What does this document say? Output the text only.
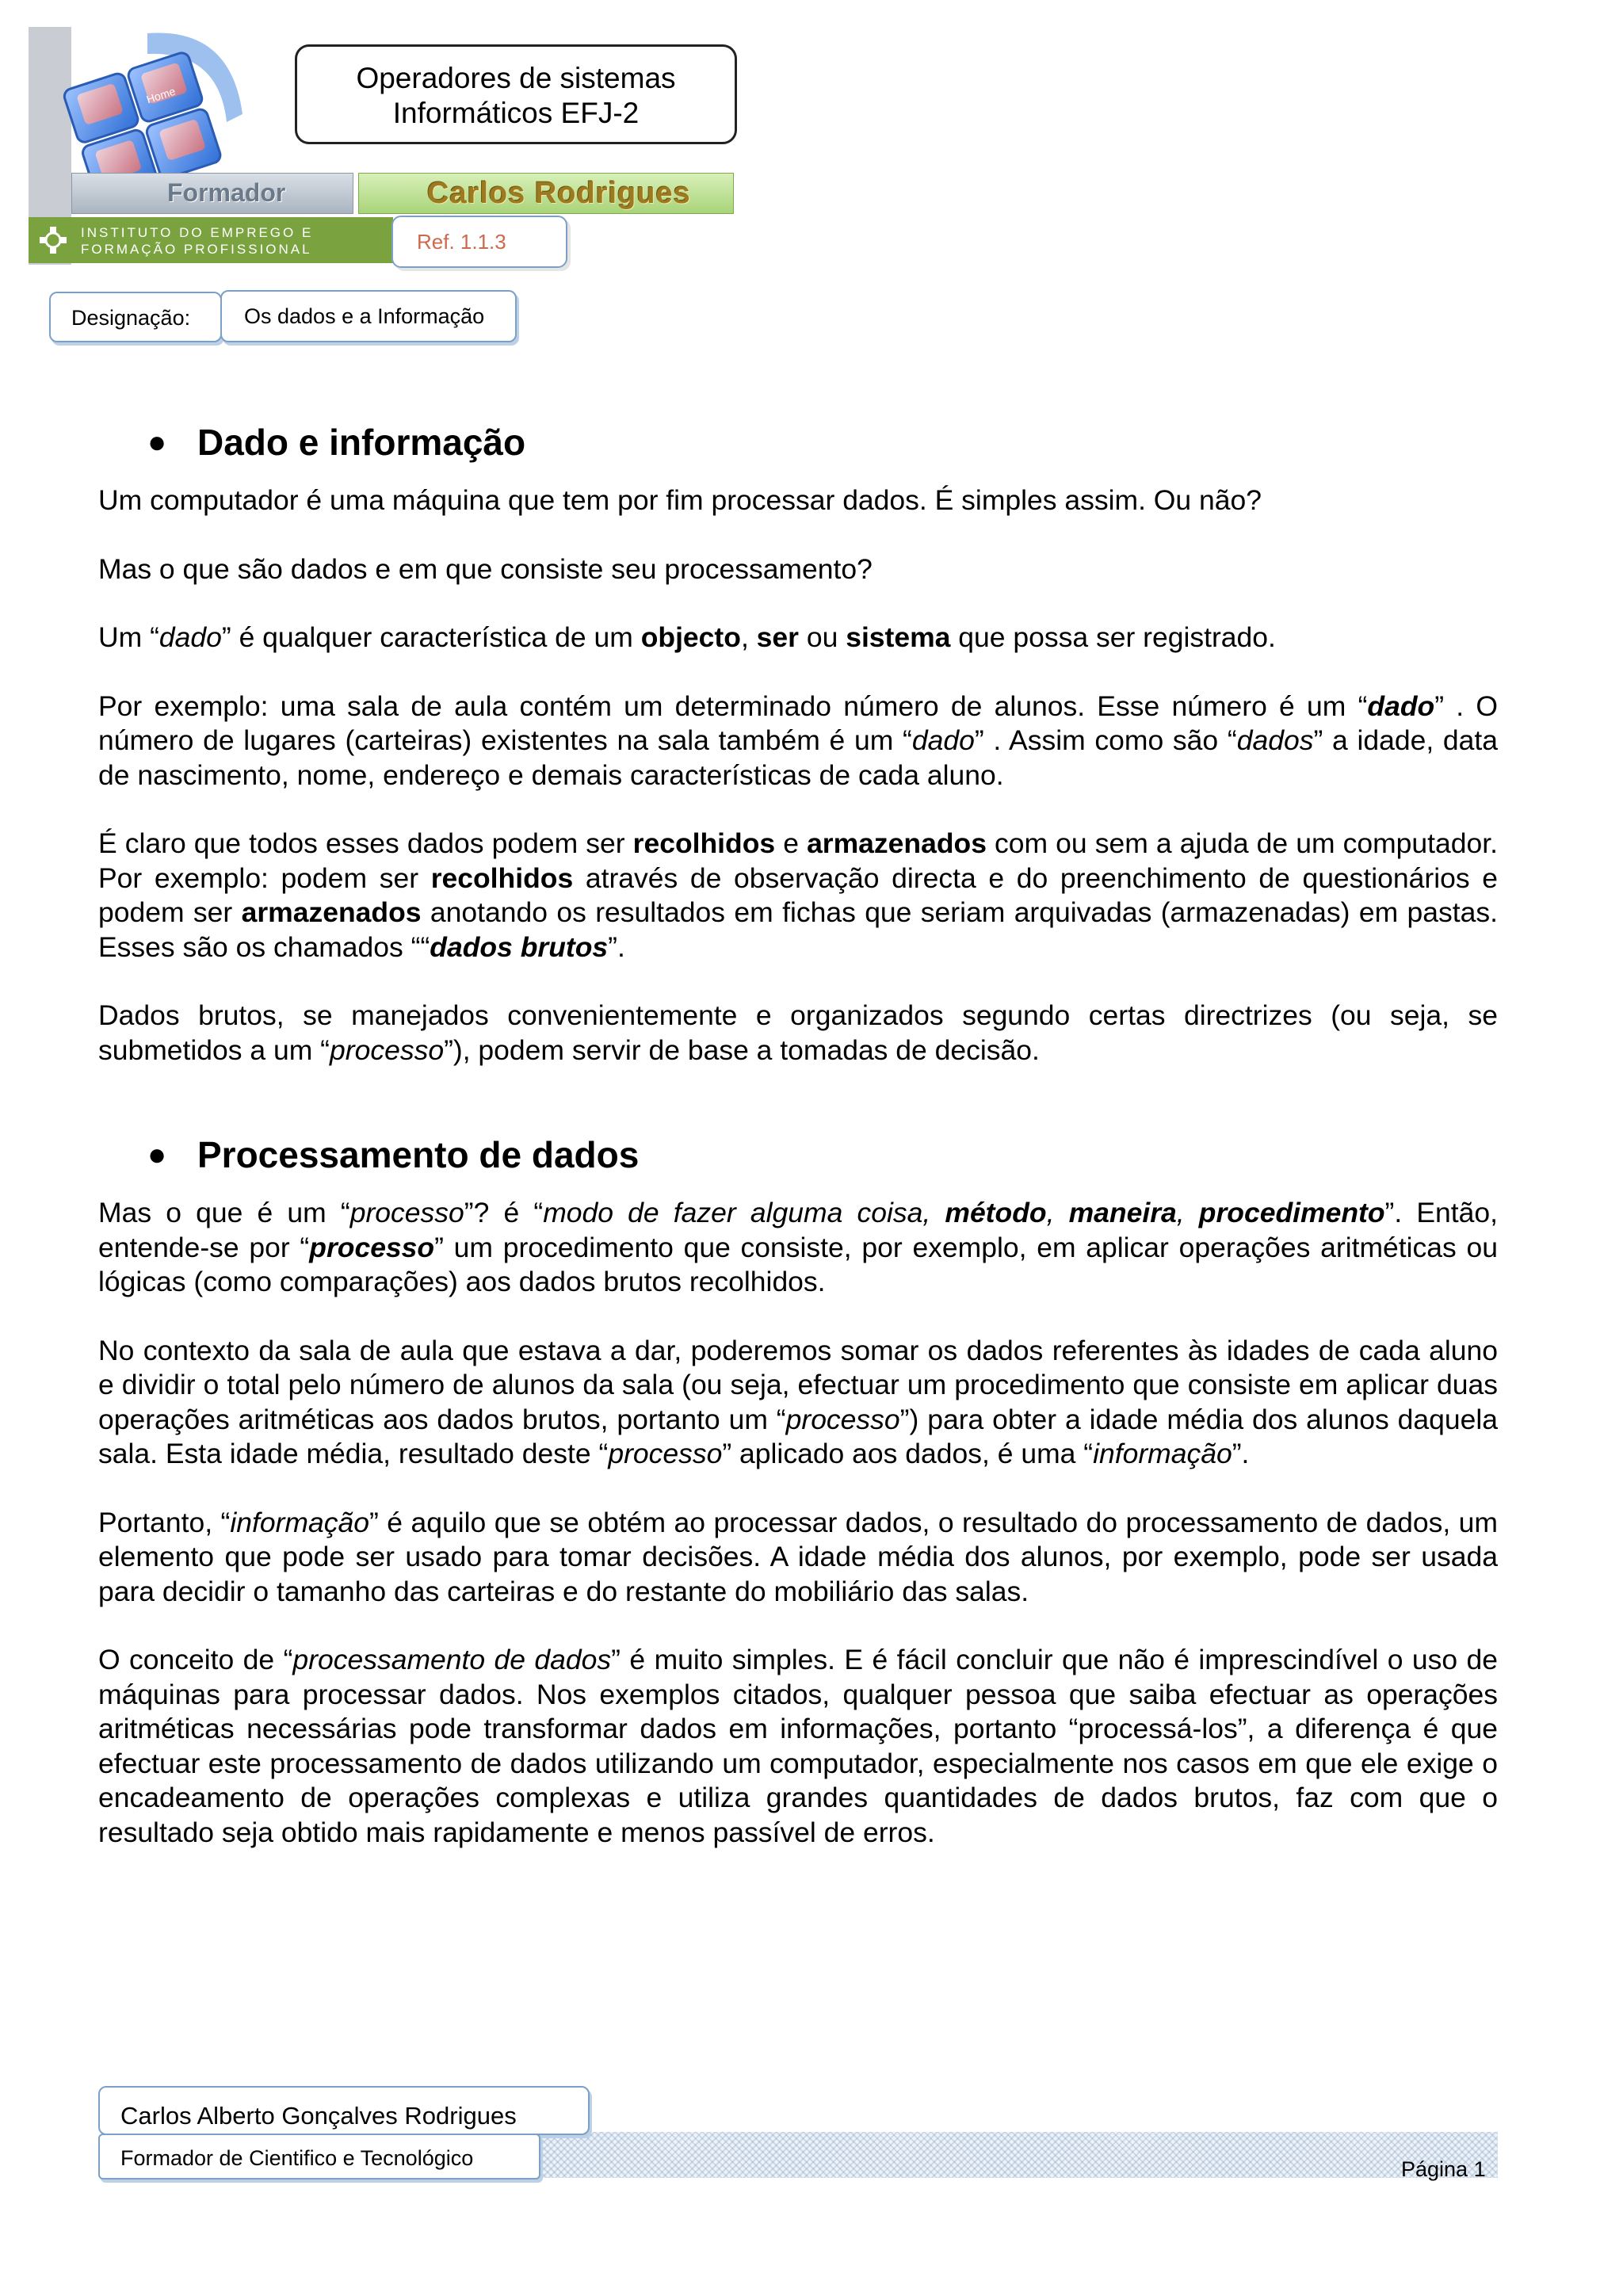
Home
Formador	Carlos Rodrigues
INSTITUTO DO EMPREGO E
FORMAÇÃO PROFISSIONAL
Operadores de sistemas
Informáticos EFJ-2
Ref. 1.1.3
Designação:	Os dados e a Informação
● Dado e informação

Um computador é uma máquina que tem por fim processar dados. É simples assim. Ou não?

Mas o que são dados e em que consiste seu processamento?

Um “dado” é qualquer característica de um objecto, ser ou sistema que possa ser registrado.

Por exemplo: uma sala de aula contém um determinado número de alunos. Esse número é um “dado” . O número de lugares (carteiras) existentes na sala também é um “dado” . Assim como são “dados” a idade, data de nascimento, nome, endereço e demais características de cada aluno.

É claro que todos esses dados podem ser recolhidos e armazenados com ou sem a ajuda de um computador. Por exemplo: podem ser recolhidos através de observação directa e do preenchimento de questionários e podem ser armazenados anotando os resultados em fichas que seriam arquivadas (armazenadas) em pastas. Esses são os chamados ““dados brutos”.

Dados brutos, se manejados convenientemente e organizados segundo certas directrizes (ou seja, se submetidos a um “processo”), podem servir de base a tomadas de decisão.

● Processamento de dados

Mas o que é um “processo”? é “modo de fazer alguma coisa, método, maneira, procedimento”. Então, entende-se por “processo” um procedimento que consiste, por exemplo, em aplicar operações aritméticas ou lógicas (como comparações) aos dados brutos recolhidos.

No contexto da sala de aula que estava a dar, poderemos somar os dados referentes às idades de cada aluno e dividir o total pelo número de alunos da sala (ou seja, efectuar um procedimento que consiste em aplicar duas operações aritméticas aos dados brutos, portanto um “processo”) para obter a idade média dos alunos daquela sala. Esta idade média, resultado deste “processo” aplicado aos dados, é uma “informação”.

Portanto, “informação” é aquilo que se obtém ao processar dados, o resultado do processamento de dados, um elemento que pode ser usado para tomar decisões. A idade média dos alunos, por exemplo, pode ser usada para decidir o tamanho das carteiras e do restante do mobiliário das salas.

O conceito de “processamento de dados” é muito simples. E é fácil concluir que não é imprescindível o uso de máquinas para processar dados. Nos exemplos citados, qualquer pessoa que saiba efectuar as operações aritméticas necessárias pode transformar dados em informações, portanto “processá-los”, a diferença é que efectuar este processamento de dados utilizando um computador, especialmente nos casos em que ele exige o encadeamento de operações complexas e utiliza grandes quantidades de dados brutos, faz com que o resultado seja obtido mais rapidamente e menos passível de erros.

Carlos Alberto Gonçalves Rodrigues
Formador de Cientifico e Tecnológico	Página 1
